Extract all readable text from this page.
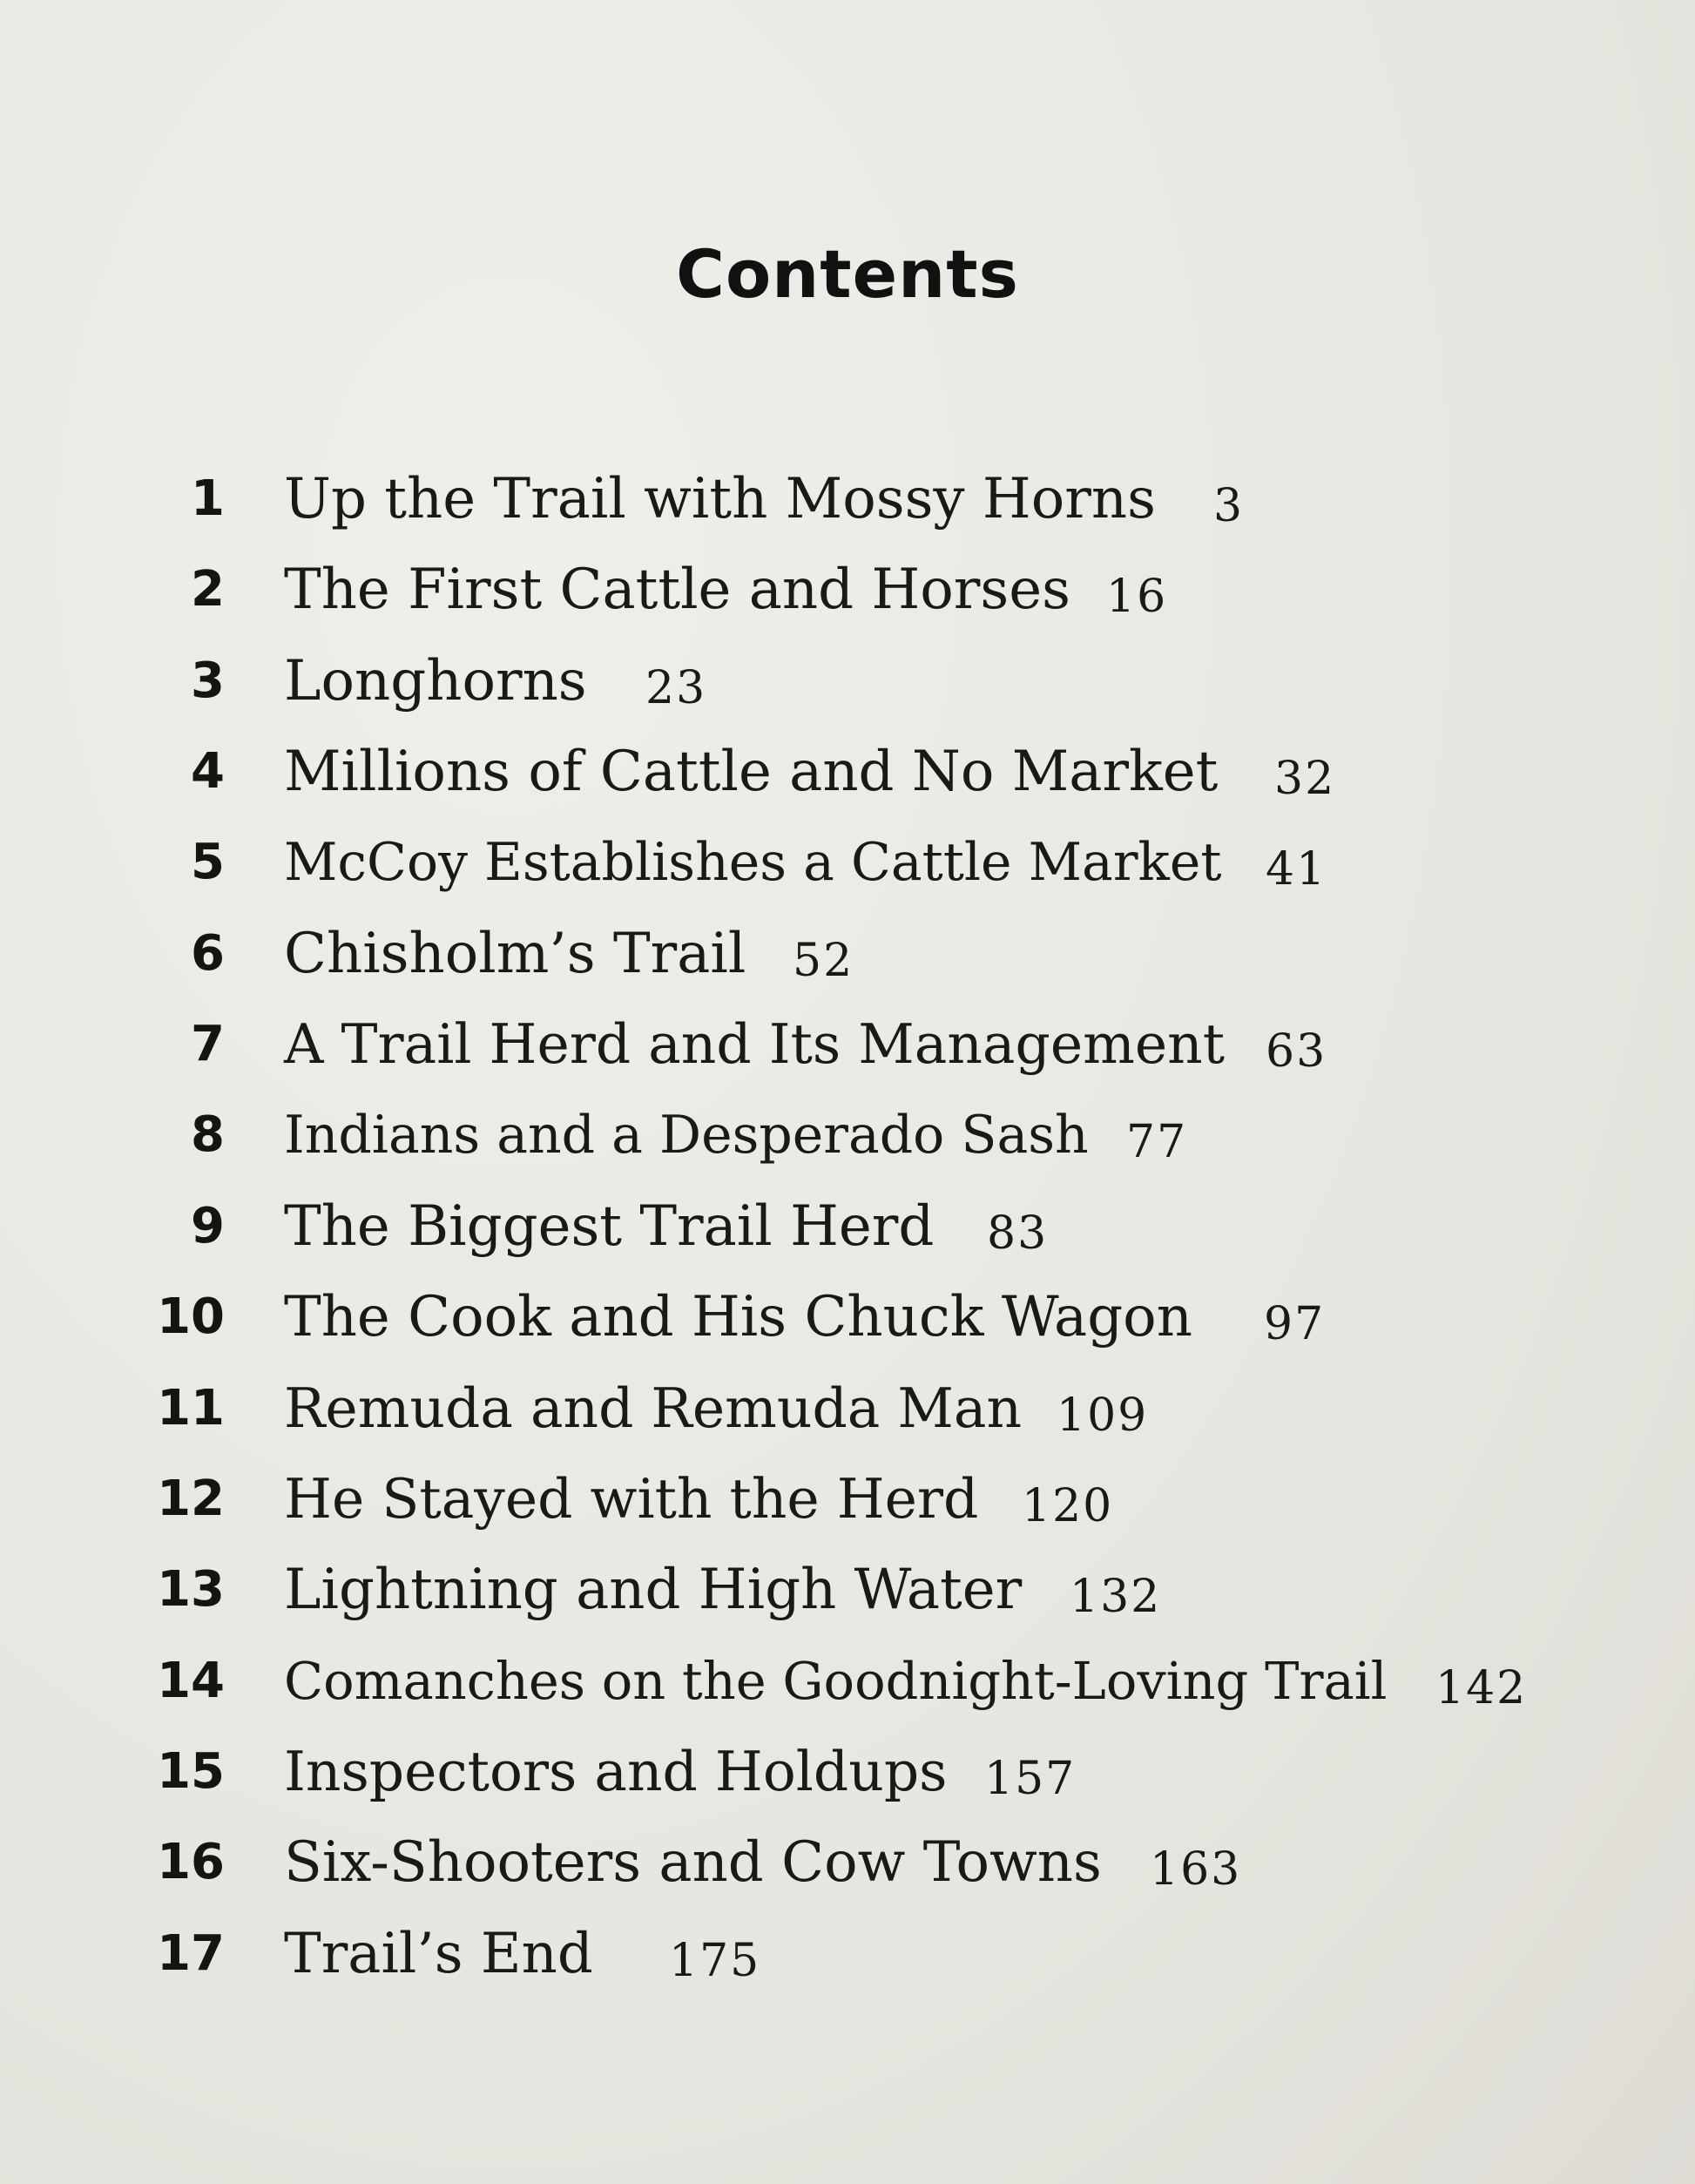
Contents
1 Up the Trail with Mossy Horns 3
2 The First Cattle and Horses 16
3 Longhorns 23
4 Millions of Cattle and No Market 32
5 McCoy Establishes a Cattle Market 41
6 Chisholm’s Trail 52
7 A Trail Herd and Its Management 63
8 Indians and a Desperado Sash 77
9 The Biggest Trail Herd 83
10 The Cook and His Chuck Wagon 97
11 Remuda and Remuda Man 109
12 He Stayed with the Herd 120
13 Lightning and High Water 132
14 Comanches on the Goodnight-Loving Trail 142
15 Inspectors and Holdups 157
16 Six-Shooters and Cow Towns 163
17 Trail’s End 175
